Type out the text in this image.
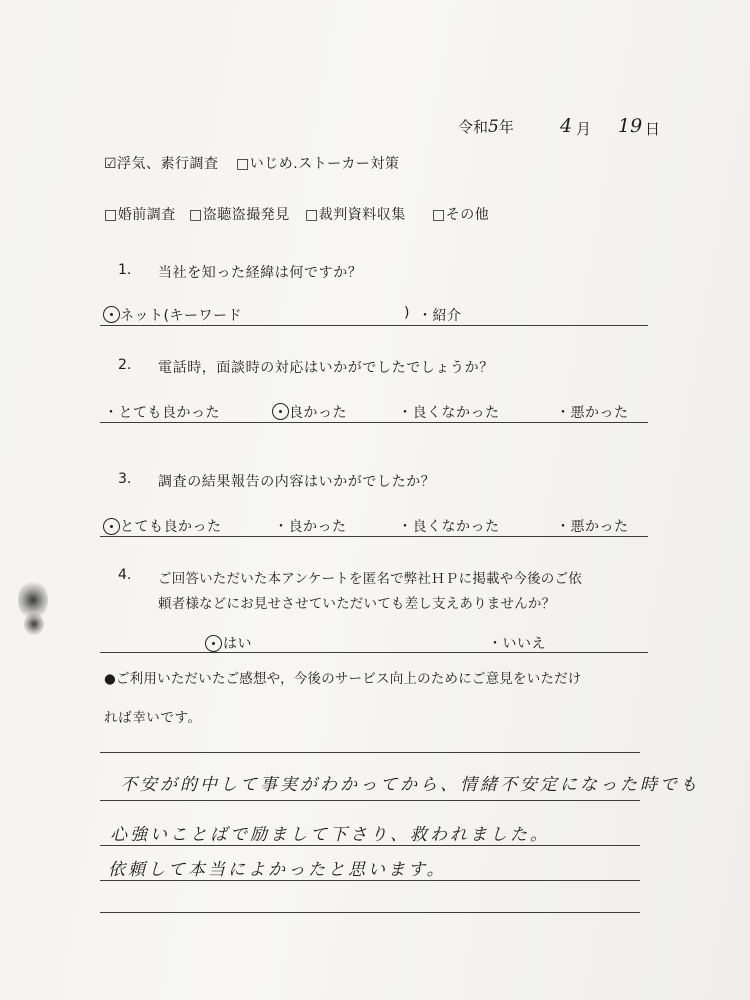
令和5年 4 月 19 日
☑浮気、素行調査 □いじめ.ストーカー対策
□婚前調査 □盗聴盗撮発見 □裁判資料収集 □その他
1. 当社を知った経緯は何ですか？
ネット(キーワード	) ・紹介
2. 電話時，面談時の対応はいかがでしたでしょうか？
・とても良かった	良かった	・良くなかった	・悪かった
3. 調査の結果報告の内容はいかがでしたか？
とても良かった	・良かった	・良くなかった	・悪かった
4. ご回答いただいた本アンケートを匿名で弊社ＨＰに掲載や今後のご依
頼者様などにお見せさせていただいても差し支えありませんか？
はい	・いいえ
●ご利用いただいたご感想や，今後のサービス向上のためにご意見をいただけ
れば幸いです。
不安が的中して事実がわかってから、情緒不安定になった時でも
心強いことばで励まして下さり、救われました。
依頼して本当によかったと思います。
